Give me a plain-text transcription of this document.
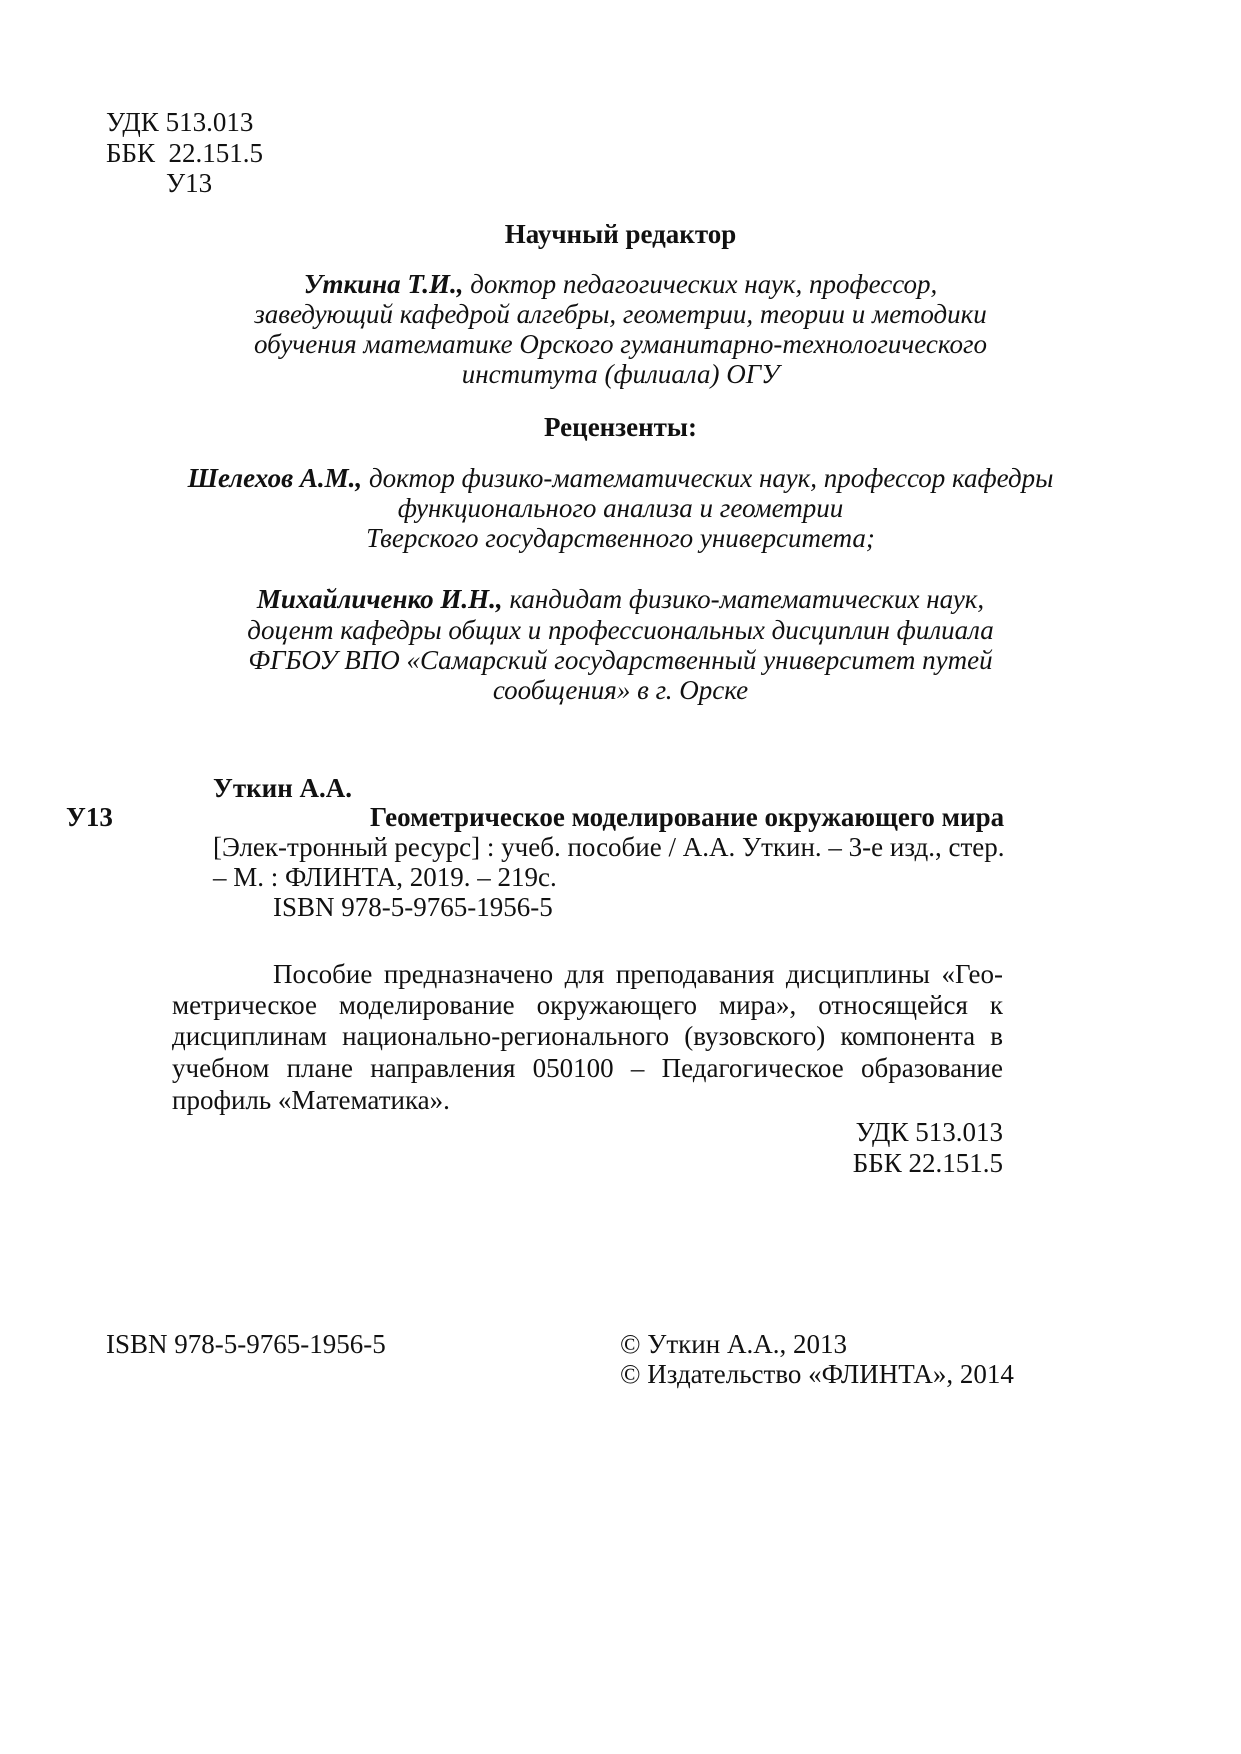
УДК 513.013
ББК  22.151.5
У13
Научный редактор
Уткина Т.И., доктор педагогических наук, профессор,
заведующий кафедрой алгебры, геометрии, теории и методики
обучения математике Орского гуманитарно-технологического
института (филиала) ОГУ
Рецензенты:
Шелехов А.М., доктор физико-математических наук, профессор кафедры
функционального анализа и геометрии
Тверского государственного университета;
Михайличенко И.Н., кандидат физико-математических наук,
доцент кафедры общих и профессиональных дисциплин филиала
ФГБОУ ВПО «Самарский государственный университет путей
сообщения» в г. Орске
Уткин А.А.
У13	Геометрическое моделирование окружающего мира
[Элек-тронный ресурс] : учеб. пособие / А.А. Уткин. – 3-е изд., стер.
– М. : ФЛИНТА, 2019. – 219с.
ISBN 978-5-9765-1956-5
Пособие предназначено для преподавания дисциплины «Гео-
метрическое моделирование окружающего мира», относящейся к
дисциплинам национально-регионального (вузовского) компонента в
учебном плане направления 050100 – Педагогическое образование
профиль «Математика».
УДК 513.013
ББК 22.151.5
ISBN 978-5-9765-1956-5	© Уткин А.А., 2013
© Издательство «ФЛИНТА», 2014
